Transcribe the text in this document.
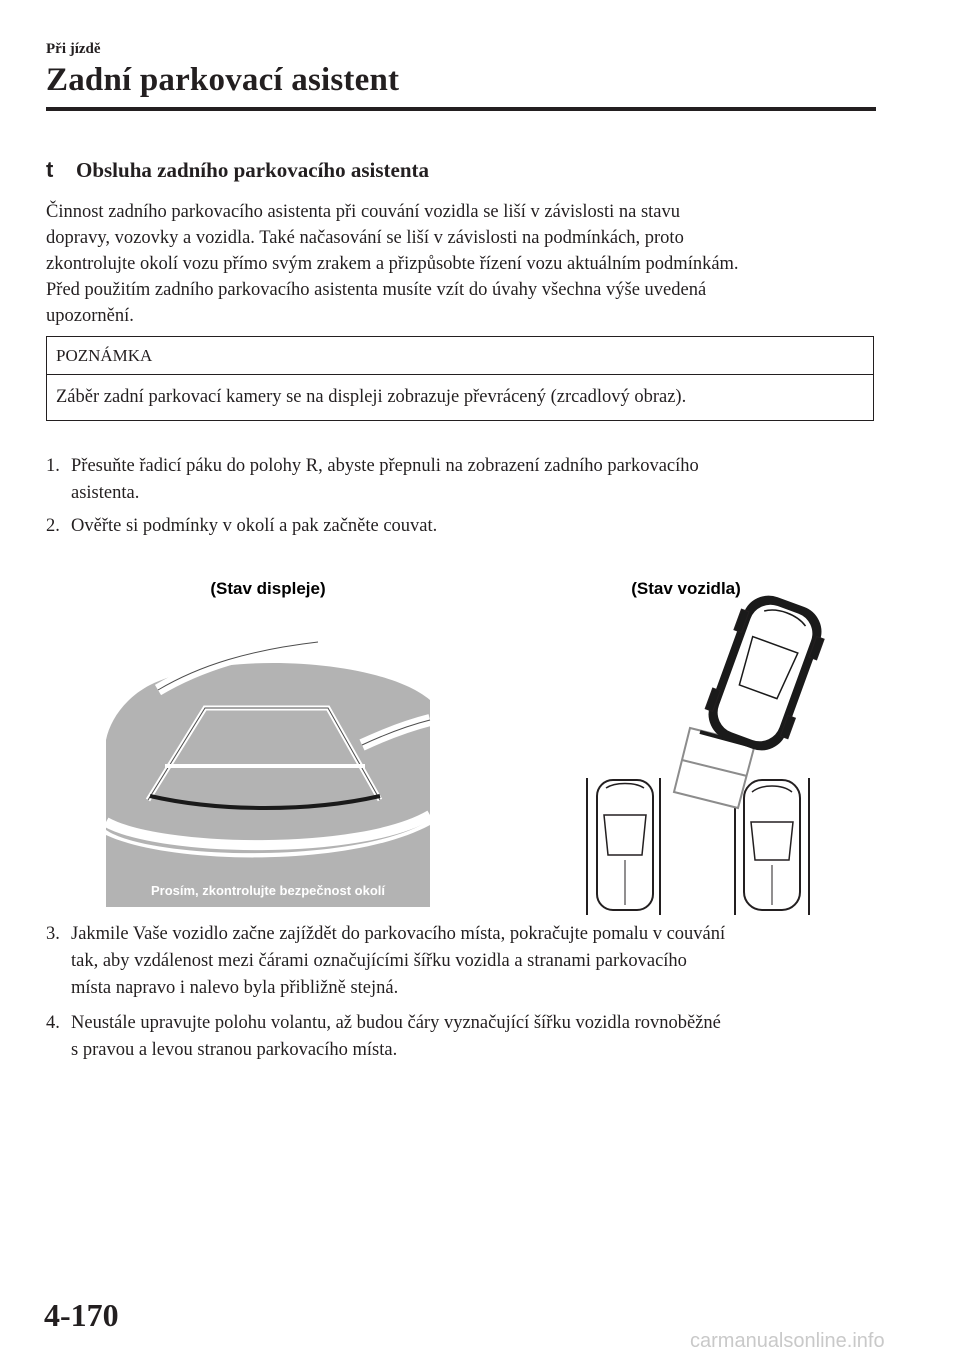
Při jízdě
Zadní parkovací asistent
t	Obsluha zadního parkovacího asistenta
Činnost zadního parkovacího asistenta při couvání vozidla se liší v závislosti na stavu
dopravy, vozovky a vozidla. Také načasování se liší v závislosti na podmínkách, proto
zkontrolujte okolí vozu přímo svým zrakem a přizpůsobte řízení vozu aktuálním podmínkám.
Před použitím zadního parkovacího asistenta musíte vzít do úvahy všechna výše uvedená
upozornění.
POZNÁMKA
Záběr zadní parkovací kamery se na displeji zobrazuje převrácený (zrcadlový obraz).
1. Přesuňte řadicí páku do polohy R, abyste přepnuli na zobrazení zadního parkovacího
asistenta.
2. Ověřte si podmínky v okolí a pak začněte couvat.
(Stav displeje)	(Stav vozidla)
Prosím, zkontrolujte bezpečnost okolí
3. Jakmile Vaše vozidlo začne zajíždět do parkovacího místa, pokračujte pomalu v couvání
tak, aby vzdálenost mezi čárami označujícími šířku vozidla a stranami parkovacího
místa napravo i nalevo byla přibližně stejná.
4. Neustále upravujte polohu volantu, až budou čáry vyznačující šířku vozidla rovnoběžné
s pravou a levou stranou parkovacího místa.
4-170
carmanualsonline.info
